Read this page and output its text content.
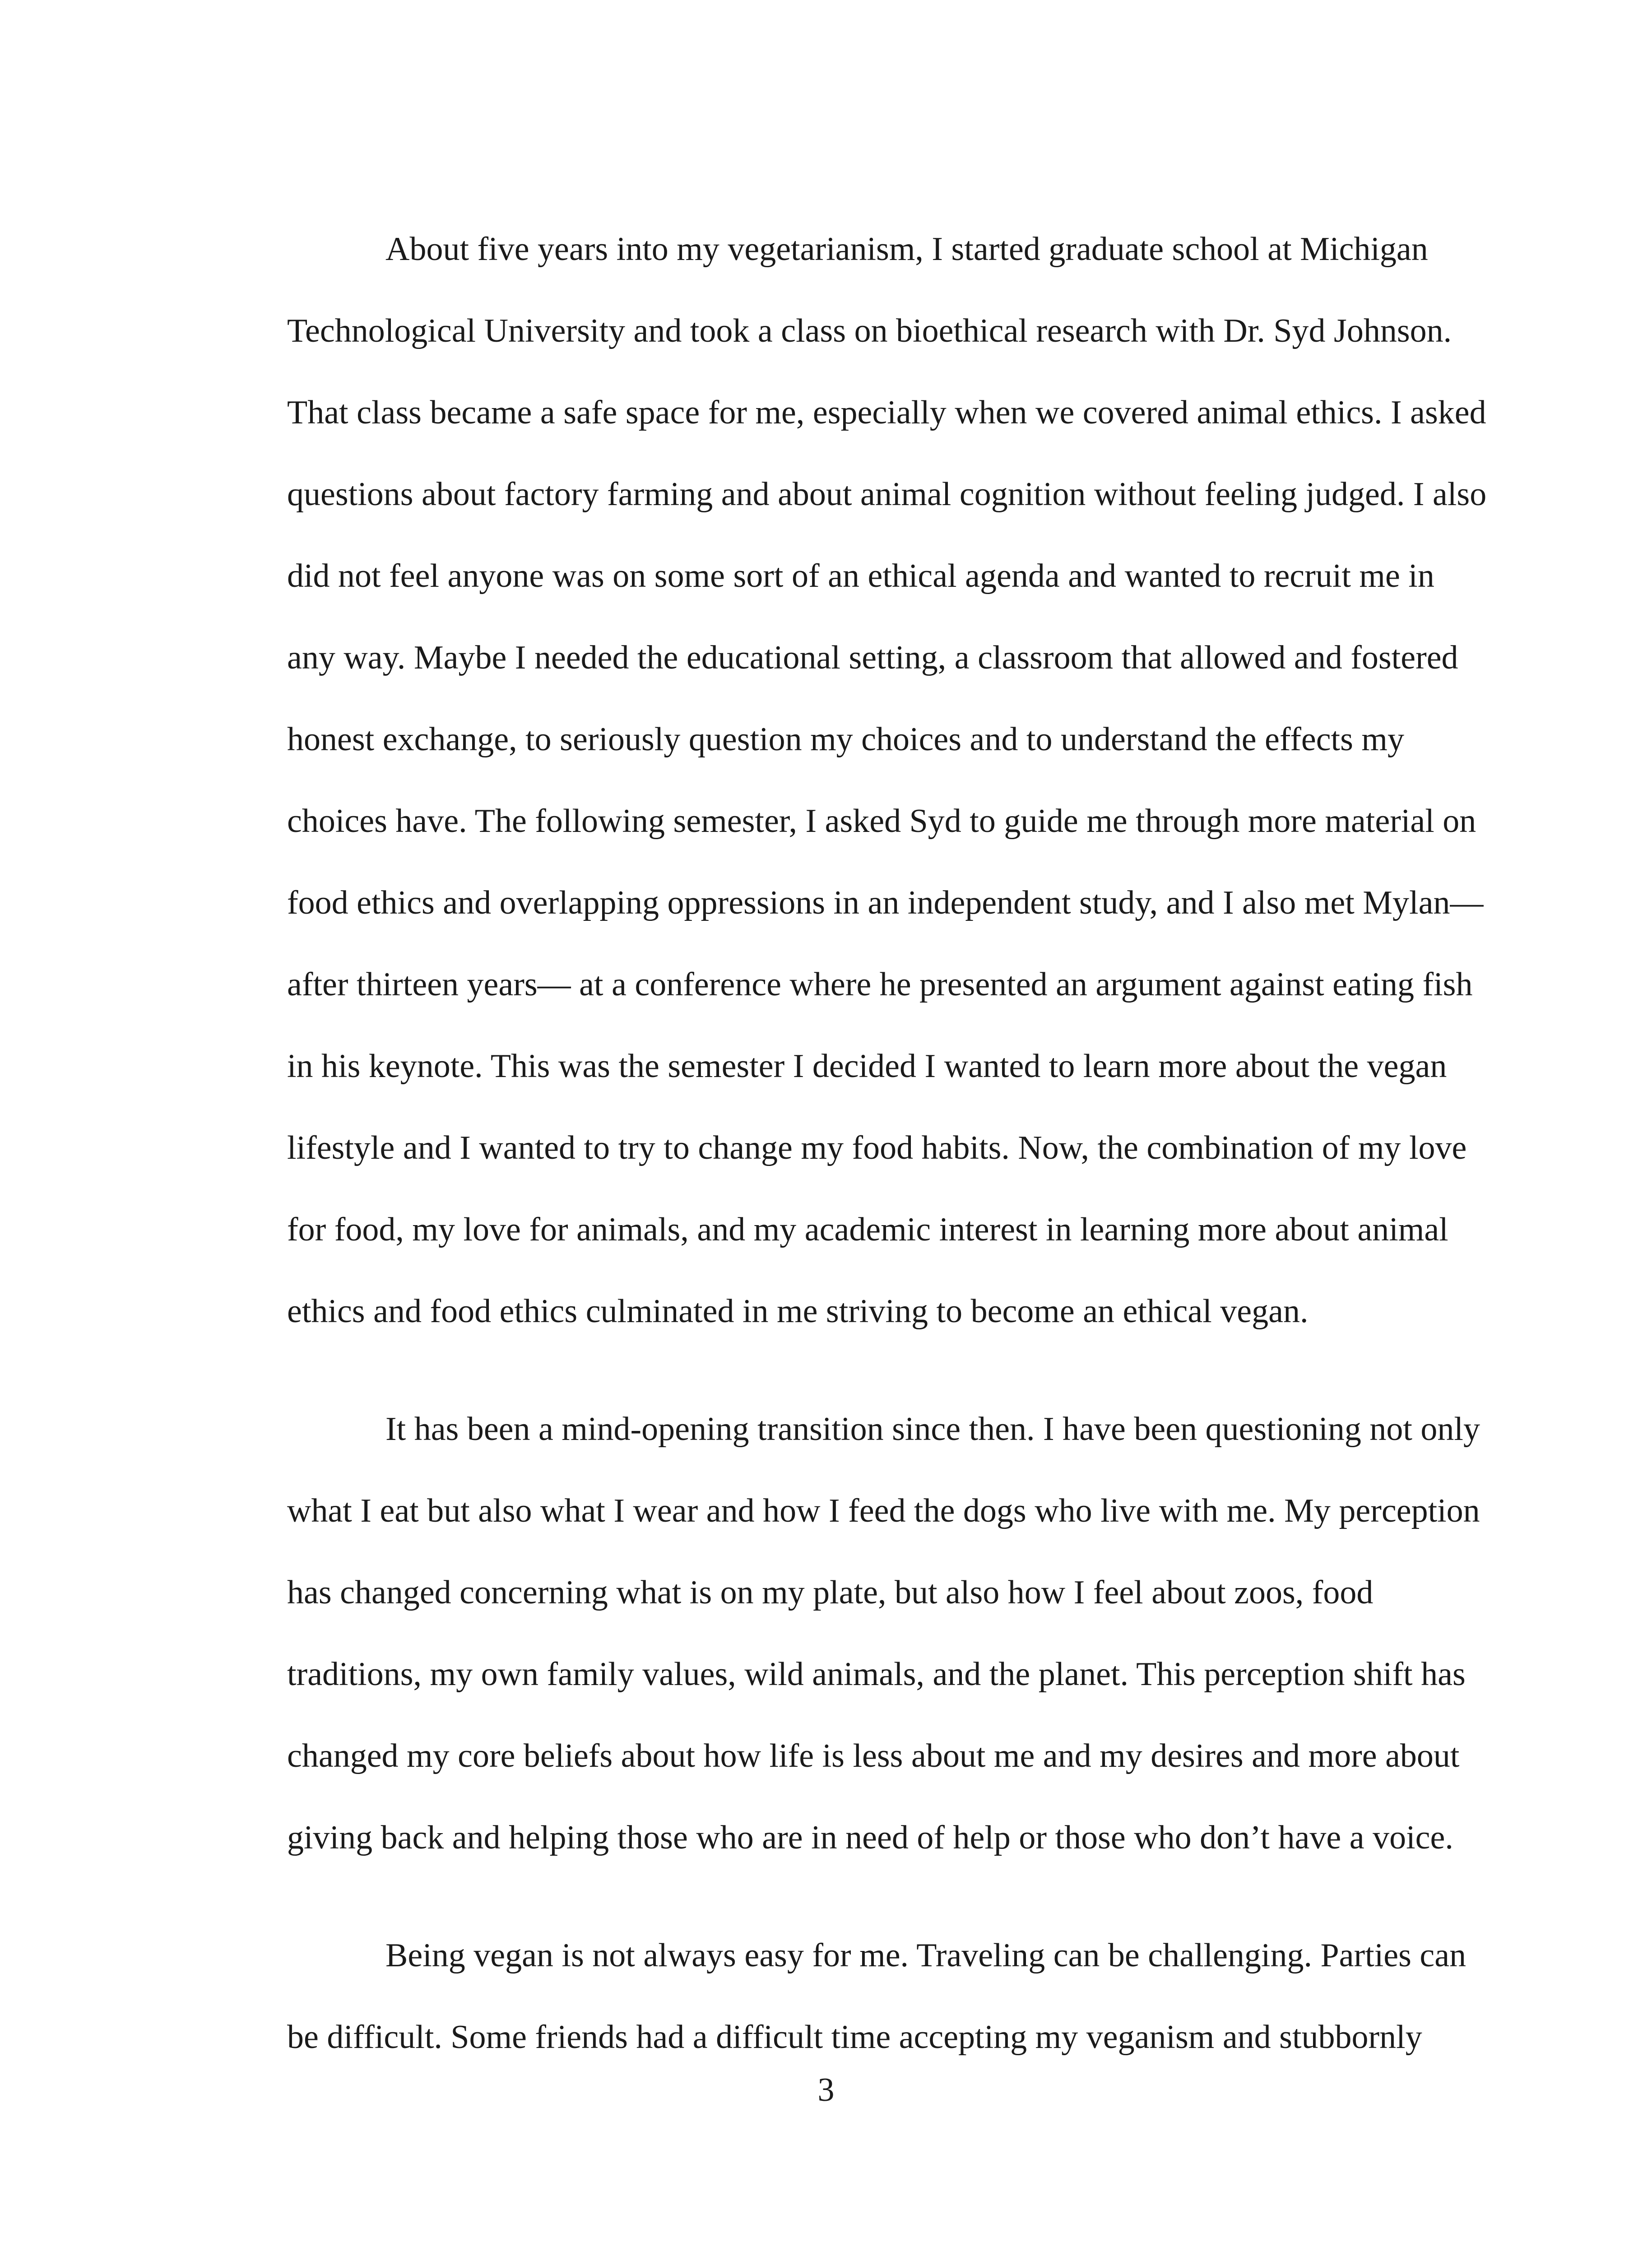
About five years into my vegetarianism, I started graduate school at Michigan
Technological University and took a class on bioethical research with Dr. Syd Johnson.
That class became a safe space for me, especially when we covered animal ethics. I asked
questions about factory farming and about animal cognition without feeling judged. I also
did not feel anyone was on some sort of an ethical agenda and wanted to recruit me in
any way. Maybe I needed the educational setting, a classroom that allowed and fostered
honest exchange, to seriously question my choices and to understand the effects my
choices have. The following semester, I asked Syd to guide me through more material on
food ethics and overlapping oppressions in an independent study, and I also met Mylan—
after thirteen years— at a conference where he presented an argument against eating fish
in his keynote. This was the semester I decided I wanted to learn more about the vegan
lifestyle and I wanted to try to change my food habits. Now, the combination of my love
for food, my love for animals, and my academic interest in learning more about animal
ethics and food ethics culminated in me striving to become an ethical vegan.
It has been a mind-opening transition since then. I have been questioning not only
what I eat but also what I wear and how I feed the dogs who live with me. My perception
has changed concerning what is on my plate, but also how I feel about zoos, food
traditions, my own family values, wild animals, and the planet. This perception shift has
changed my core beliefs about how life is less about me and my desires and more about
giving back and helping those who are in need of help or those who don’t have a voice.
Being vegan is not always easy for me. Traveling can be challenging. Parties can
be difficult. Some friends had a difficult time accepting my veganism and stubbornly
3
